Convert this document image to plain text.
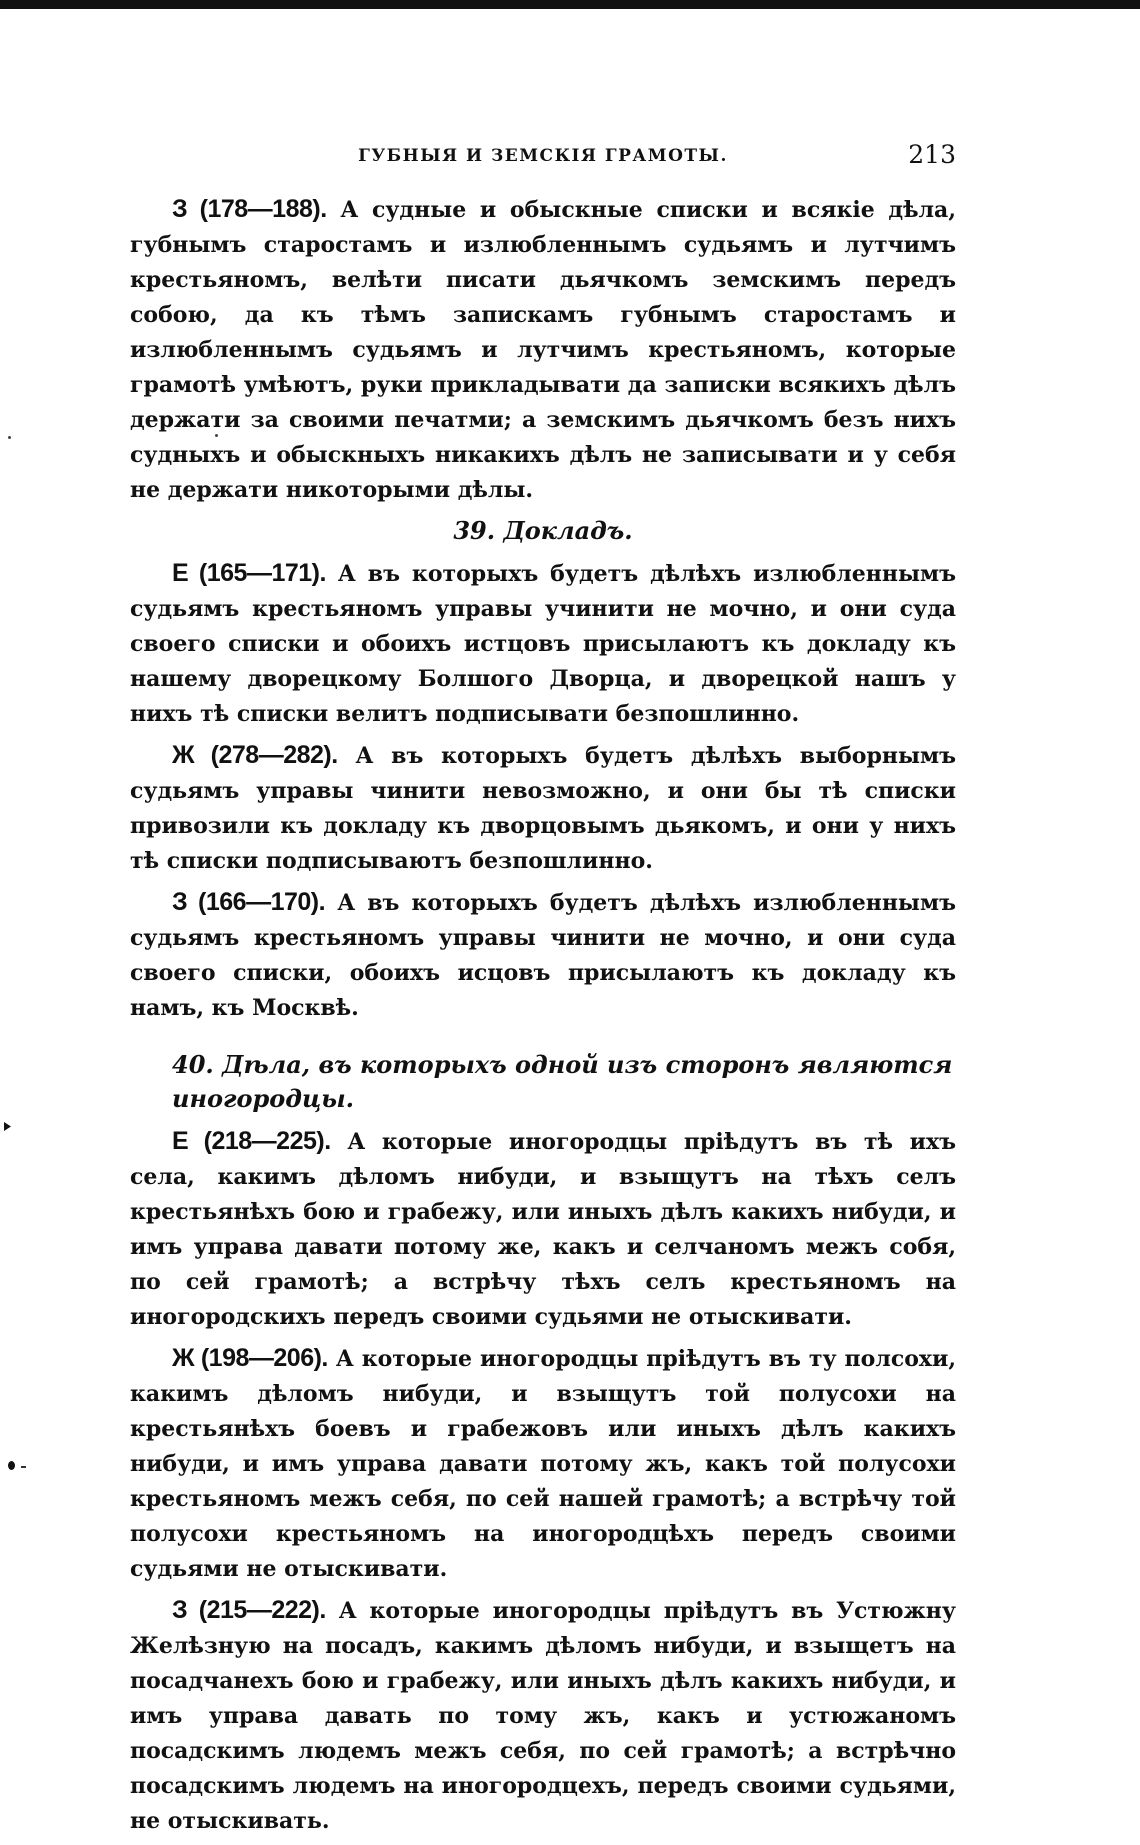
ГУБНЫЯ И ЗЕМСКІЯ ГРАМОТЫ.	213

З (178—188). А судные и обыскные списки и всякіе дѣла, губнымъ старостамъ и излюбленнымъ судьямъ и лутчимъ крестьяномъ, велѣти писати дьячкомъ земскимъ передъ собою, да къ тѣмъ запискамъ губнымъ старостамъ и излюбленнымъ судьямъ и лутчимъ крестьяномъ, которые грамотѣ умѣютъ, руки прикладывати да записки всякихъ дѣлъ держати за своими печатми; а земскимъ дьячкомъ безъ нихъ судныхъ и обыскныхъ никакихъ дѣлъ не записывати и у себя не держати никоторыми дѣлы.

39. Докладъ.

Е (165—171). А въ которыхъ будетъ дѣлѣхъ излюбленнымъ судьямъ крестьяномъ управы учинити не мочно, и они суда своего списки и обоихъ истцовъ присылаютъ къ докладу къ нашему дворецкому Болшого Дворца, и дворецкой нашъ у нихъ тѣ списки велитъ подписывати безпошлинно.

Ж (278—282). А въ которыхъ будетъ дѣлѣхъ выборнымъ судьямъ управы чинити невозможно, и они бы тѣ списки привозили къ докладу къ дворцовымъ дьякомъ, и они у нихъ тѣ списки подписываютъ безпошлинно.

З (166—170). А въ которыхъ будетъ дѣлѣхъ излюбленнымъ судьямъ крестьяномъ управы чинити не мочно, и они суда своего списки, обоихъ исцовъ присылаютъ къ докладу къ намъ, къ Москвѣ.

40. Дѣла, въ которыхъ одной изъ сторонъ являются иногородцы.

Е (218—225). А которые иногородцы пріѣдутъ въ тѣ ихъ села, какимъ дѣломъ нибуди, и взыщутъ на тѣхъ селъ крестьянѣхъ бою и грабежу, или иныхъ дѣлъ какихъ нибуди, и имъ управа давати потому же, какъ и селчаномъ межъ собя, по сей грамотѣ; а встрѣчу тѣхъ селъ крестьяномъ на иногородскихъ передъ своими судьями не отыскивати.

Ж (198—206). А которые иногородцы пріѣдутъ въ ту полсохи, какимъ дѣломъ нибуди, и взыщутъ той полусохи на крестьянѣхъ боевъ и грабежовъ или иныхъ дѣлъ какихъ нибуди, и имъ управа давати потому жъ, какъ той полусохи крестьяномъ межъ себя, по сей нашей грамотѣ; а встрѣчу той полусохи крестьяномъ на иногородцѣхъ передъ своими судьями не отыскивати.

З (215—222). А которые иногородцы пріѣдутъ въ Устюжну Желѣзную на посадъ, какимъ дѣломъ нибуди, и взыщетъ на посадчанехъ бою и грабежу, или иныхъ дѣлъ какихъ нибуди, и имъ управа давать по тому жъ, какъ и устюжаномъ посадскимъ людемъ межъ себя, по сей грамотѣ; а встрѣчно посадскимъ людемъ на иногородцехъ, передъ своими судьями, не отыскивать.
